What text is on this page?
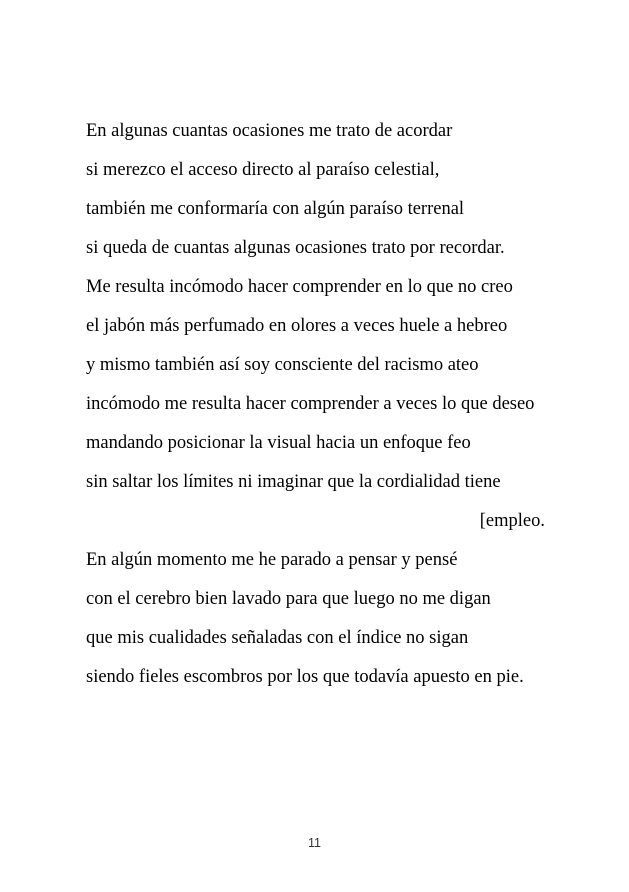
En algunas cuantas ocasiones me trato de acordar

si merezco el acceso directo al paraíso celestial,

también me conformaría con algún paraíso terrenal

si queda de cuantas algunas ocasiones trato por recordar.

Me resulta incómodo hacer comprender en lo que no creo

el jabón más perfumado en olores a veces huele a hebreo

y mismo también así soy consciente del racismo ateo

incómodo me resulta hacer comprender a veces lo que deseo

mandando posicionar la visual hacia un enfoque feo

sin saltar los límites ni imaginar que la cordialidad tiene

[empleo.

En algún momento me he parado a pensar y pensé

con el cerebro bien lavado para que luego no me digan

que mis cualidades señaladas con el índice no sigan

siendo fieles escombros por los que todavía apuesto en pie.

11
